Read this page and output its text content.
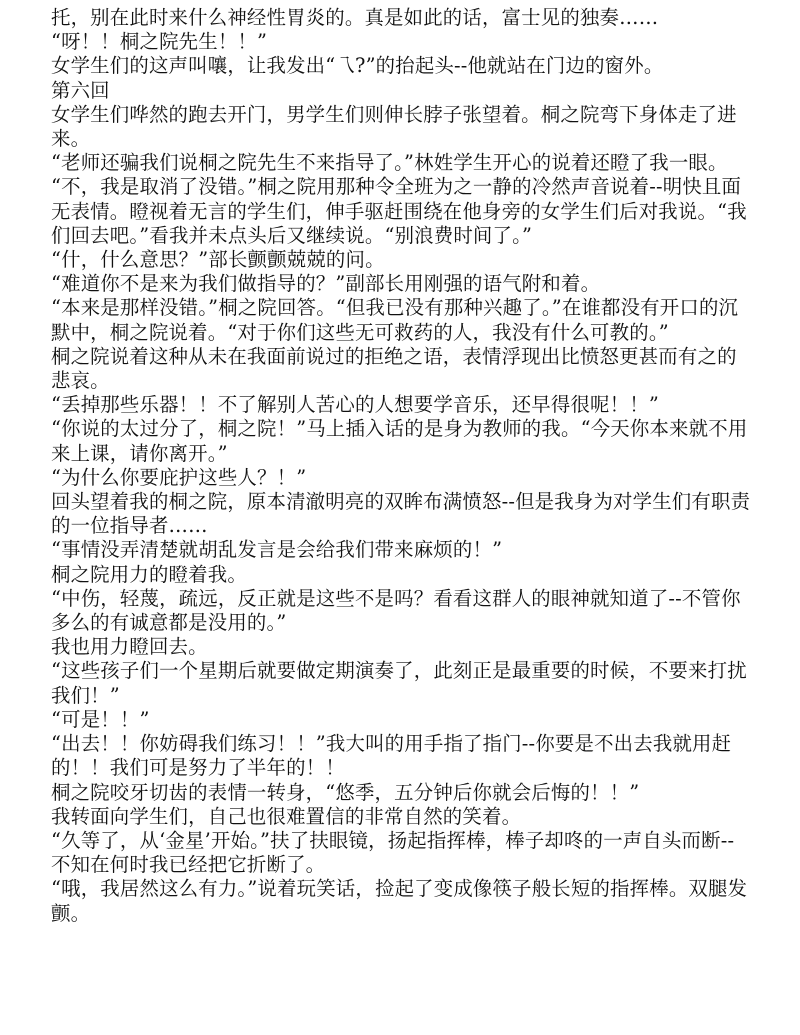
托，别在此时来什么神经性胃炎的。真是如此的话，富士见的独奏……

“呀！！桐之院先生！！”

女学生们的这声叫嚷，让我发出“乁?”的抬起头--他就站在门边的窗外。

第六回

女学生们哗然的跑去开门，男学生们则伸长脖子张望着。桐之院弯下身体走了进来。

“老师还骗我们说桐之院先生不来指导了。”林姓学生开心的说着还瞪了我一眼。

“不，我是取消了没错。”桐之院用那种令全班为之一静的冷然声音说着--明快且面无表情。瞪视着无言的学生们，伸手驱赶围绕在他身旁的女学生们后对我说。“我们回去吧。”看我并未点头后又继续说。“别浪费时间了。”

“什，什么意思？”部长颤颤兢兢的问。

“难道你不是来为我们做指导的？”副部长用刚强的语气附和着。

“本来是那样没错。”桐之院回答。“但我已没有那种兴趣了。”在谁都没有开口的沉默中，桐之院说着。“对于你们这些无可救药的人，我没有什么可教的。”

桐之院说着这种从未在我面前说过的拒绝之语，表情浮现出比愤怒更甚而有之的悲哀。

“丢掉那些乐器！！不了解别人苦心的人想要学音乐，还早得很呢！！”

“你说的太过分了，桐之院！”马上插入话的是身为教师的我。“今天你本来就不用来上课，请你离开。”

“为什么你要庇护这些人？！”

回头望着我的桐之院，原本清澈明亮的双眸布满愤怒--但是我身为对学生们有职责的一位指导者……

“事情没弄清楚就胡乱发言是会给我们带来麻烦的！”

桐之院用力的瞪着我。

“中伤，轻蔑，疏远，反正就是这些不是吗？看看这群人的眼神就知道了--不管你多么的有诚意都是没用的。”

我也用力瞪回去。

“这些孩子们一个星期后就要做定期演奏了，此刻正是最重要的时候，不要来打扰我们！”

“可是！！”

“出去！！你妨碍我们练习！！”我大叫的用手指了指门--你要是不出去我就用赶的！！我们可是努力了半年的！！

桐之院咬牙切齿的表情一转身，“悠季，五分钟后你就会后悔的！！”

我转面向学生们，自己也很难置信的非常自然的笑着。

“久等了，从‘金星’开始。”扶了扶眼镜，扬起指挥棒，棒子却咚的一声自头而断--不知在何时我已经把它折断了。

“哦，我居然这么有力。”说着玩笑话，捡起了变成像筷子般长短的指挥棒。双腿发颤。
